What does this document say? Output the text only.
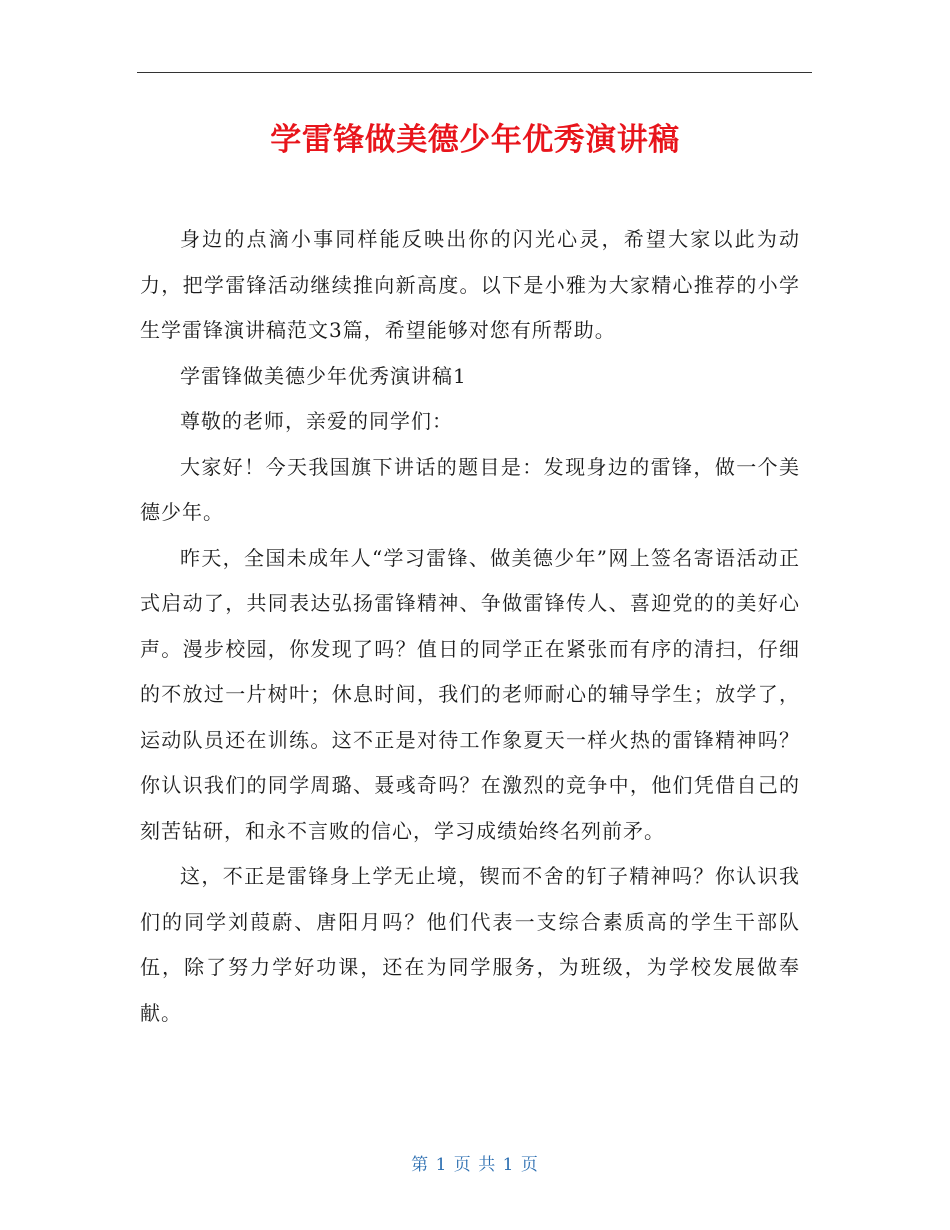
学雷锋做美德少年优秀演讲稿

身边的点滴小事同样能反映出你的闪光心灵，希望大家以此为动力，把学雷锋活动继续推向新高度。以下是小雅为大家精心推荐的小学生学雷锋演讲稿范文3篇，希望能够对您有所帮助。

学雷锋做美德少年优秀演讲稿1

尊敬的老师，亲爱的同学们：

大家好！今天我国旗下讲话的题目是：发现身边的雷锋，做一个美德少年。

昨天，全国未成年人“学习雷锋、做美德少年”网上签名寄语活动正式启动了，共同表达弘扬雷锋精神、争做雷锋传人、喜迎党的的美好心声。漫步校园，你发现了吗？值日的同学正在紧张而有序的清扫，仔细的不放过一片树叶；休息时间，我们的老师耐心的辅导学生；放学了，运动队员还在训练。这不正是对待工作象夏天一样火热的雷锋精神吗？你认识我们的同学周璐、聂彧奇吗？在激烈的竞争中，他们凭借自己的刻苦钻研，和永不言败的信心，学习成绩始终名列前矛。

这，不正是雷锋身上学无止境，锲而不舍的钉子精神吗？你认识我们的同学刘葭蔚、唐阳月吗？他们代表一支综合素质高的学生干部队伍，除了努力学好功课，还在为同学服务，为班级，为学校发展做奉献。

第 1 页 共 1 页
